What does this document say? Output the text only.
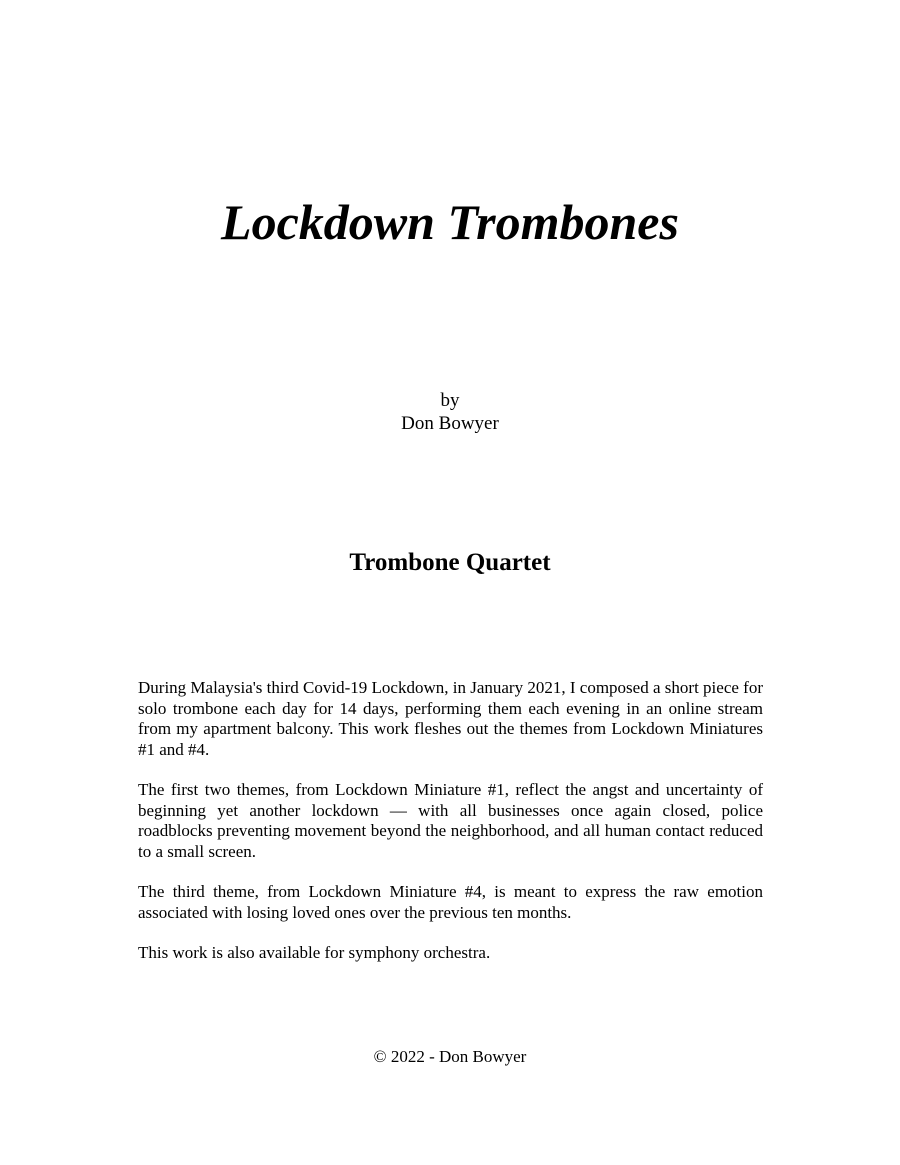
Lockdown Trombones
by
Don Bowyer
Trombone Quartet

During Malaysia's third Covid-19 Lockdown, in January 2021, I composed a short piece for solo trombone each day for 14 days, performing them each evening in an online stream from my apartment balcony. This work fleshes out the themes from Lockdown Miniatures #1 and #4.

The first two themes, from Lockdown Miniature #1, reflect the angst and uncertainty of beginning yet another lockdown — with all businesses once again closed, police roadblocks preventing movement beyond the neighborhood, and all human contact reduced to a small screen.

The third theme, from Lockdown Miniature #4, is meant to express the raw emotion associated with losing loved ones over the previous ten months.

This work is also available for symphony orchestra.

© 2022 - Don Bowyer
